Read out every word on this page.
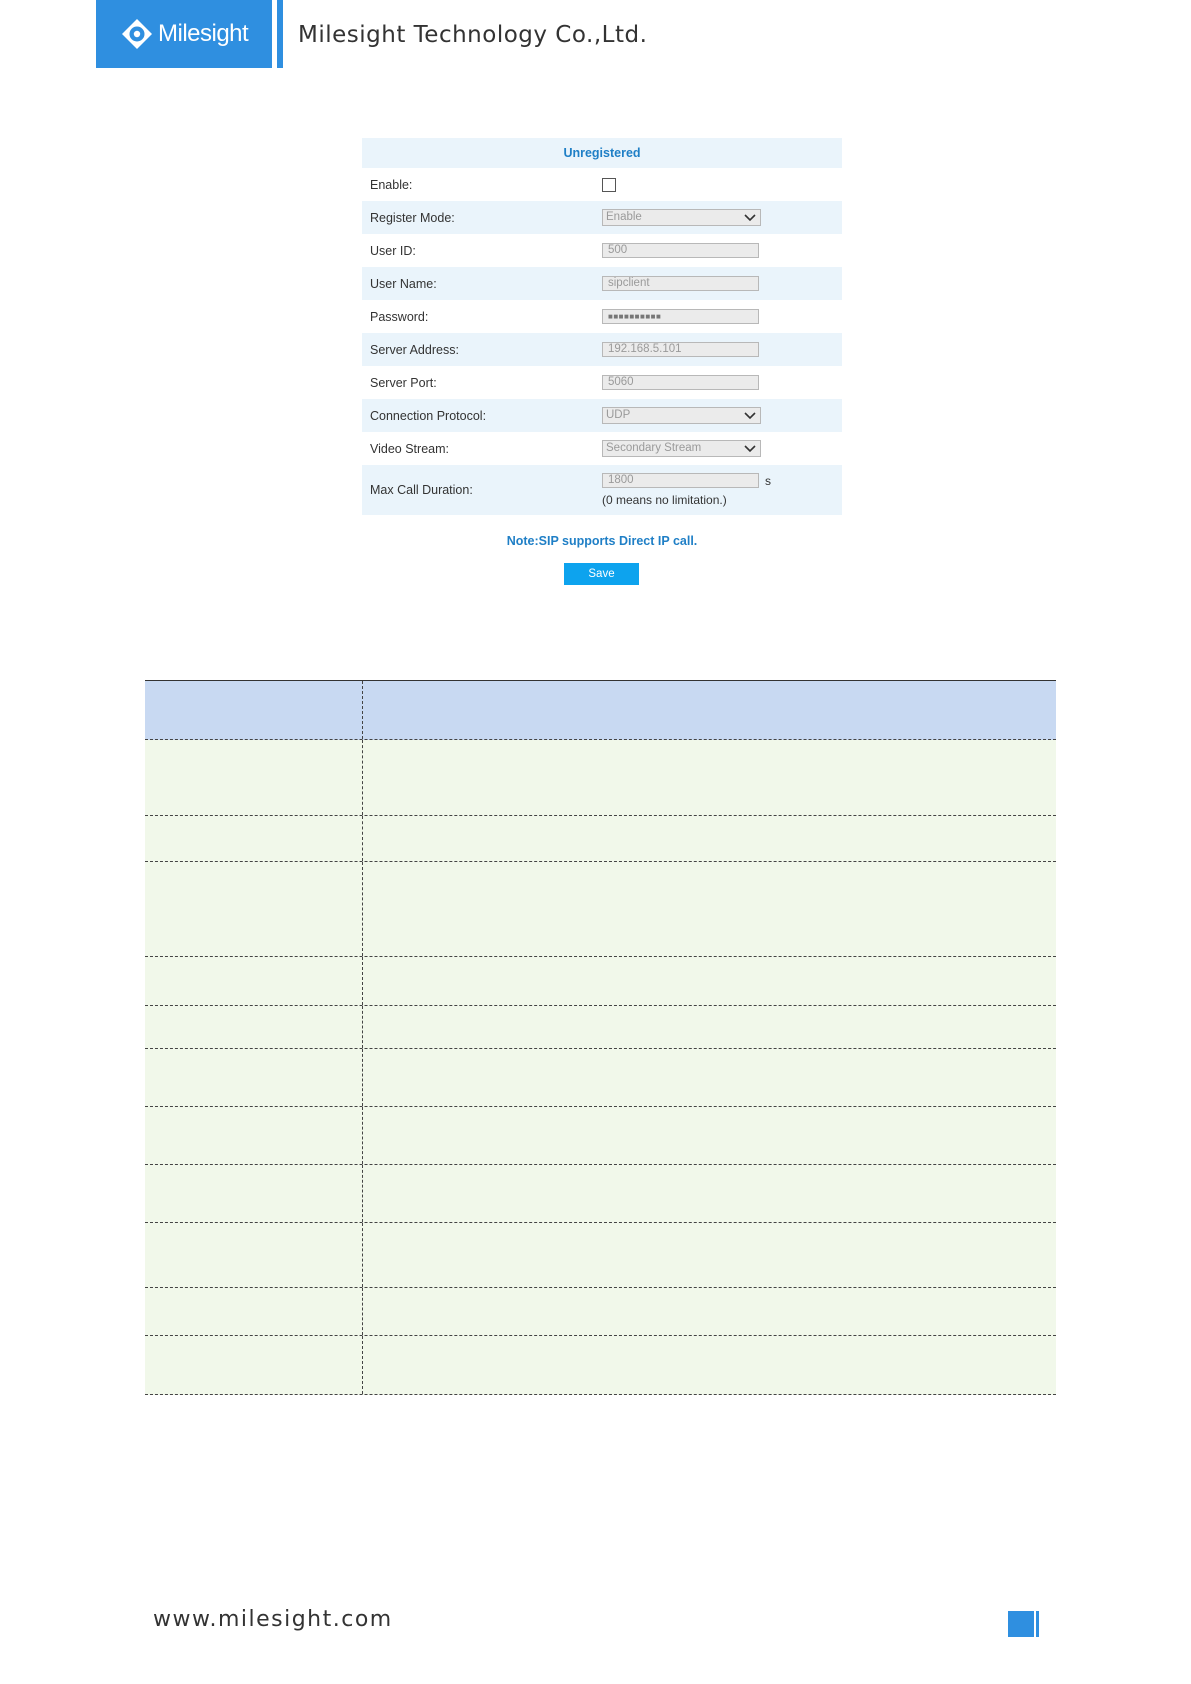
Milesight Milesight Technology Co.,Ltd.
Unregistered
Enable:
Register Mode:	Enable
User ID:	500
User Name:	sipclient
Password:	■■■■■■■■■■
Server Address:	192.168.5.101
Server Port:	5060
Connection Protocol:	UDP
Video Stream:	Secondary Stream
Max Call Duration:
1800	s
(0 means no limitation.)
Note:SIP supports Direct IP call.
Save
www.milesight.com
